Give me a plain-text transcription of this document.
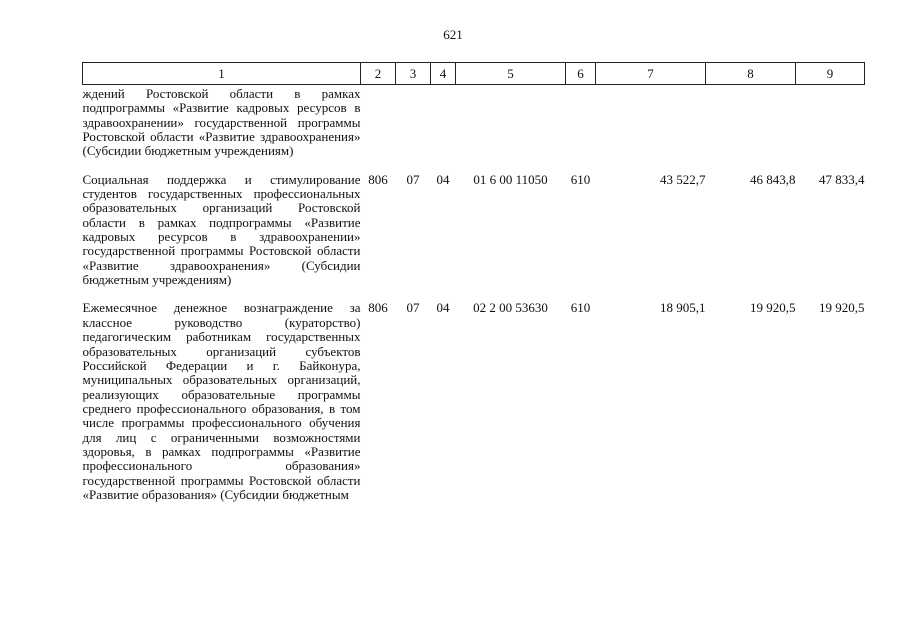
621
1	2	3	4	5	6	7	8	9
ждений Ростовской области в рамках подпрограммы «Развитие кадровых ресурсов в здравоохранении» государственной программы Ростовской области «Развитие здравоохранения» (Субсидии бюджетным учреждениям)								
Социальная поддержка и стимулирование студентов государственных профессиональных образовательных организаций Ростовской области в рамках подпрограммы «Развитие кадровых ресурсов в здравоохранении» государственной программы Ростовской области «Развитие здравоохранения» (Субсидии бюджетным учреждениям)	806	07	04	01 6 00 11050	610	43 522,7	46 843,8	47 833,4
Ежемесячное денежное вознаграждение за классное руководство (кураторство) педагогическим работникам государственных образовательных организаций субъектов Российской Федерации и г. Байконура, муниципальных образовательных организаций, реализующих образовательные программы среднего профессионального образования, в том числе программы профессионального обучения для лиц с ограниченными возможностями здоровья, в рамках подпрограммы «Развитие профессионального образования» государственной программы Ростовской области «Развитие образования» (Субсидии бюджетным	806	07	04	02 2 00 53630	610	18 905,1	19 920,5	19 920,5
